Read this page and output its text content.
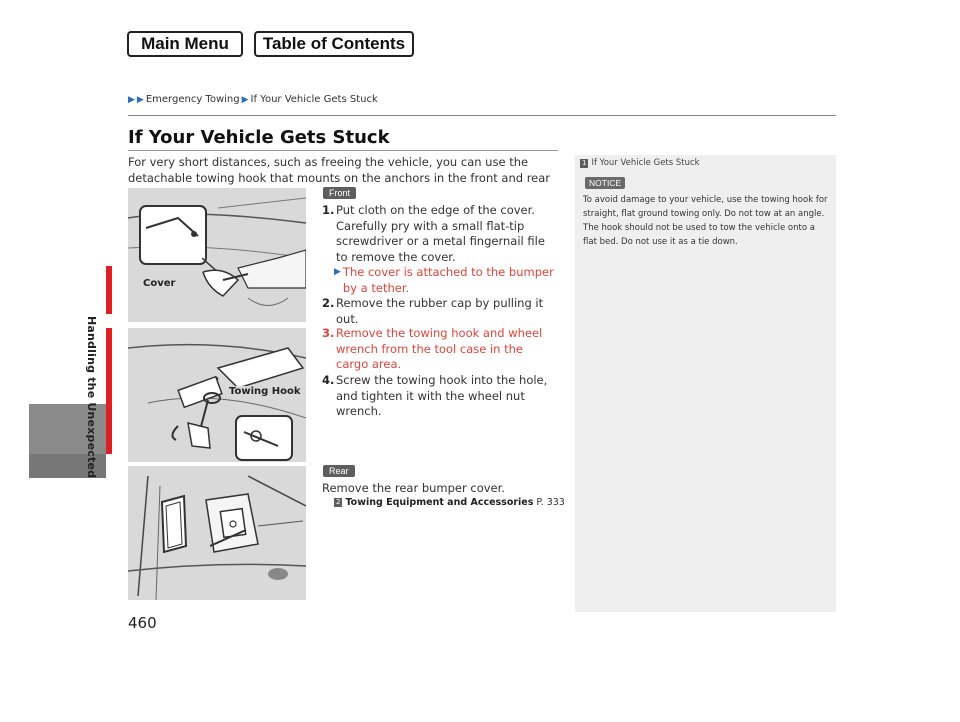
Main Menu	Table of Contents
▶ ▶ Emergency Towing ▶ If Your Vehicle Gets Stuck
Handling the Unexpected
If Your Vehicle Gets Stuck
For very short distances, such as freeing the vehicle, you can use the detachable towing hook that mounts on the anchors in the front and rear
Cover
Front
1. Put cloth on the edge of the cover. Carefully pry with a small flat-tip screwdriver or a metal fingernail file to remove the cover.
▶ The cover is attached to the bumper by a tether.
2. Remove the rubber cap by pulling it out.
Towing Hook
3. Remove the towing hook and wheel wrench from the tool case in the cargo area.
4. Screw the towing hook into the hole, and tighten it with the wheel nut wrench.
Rear
Remove the rear bumper cover.
2 Towing Equipment and Accessories P. 333
1 If Your Vehicle Gets Stuck
NOTICE
To avoid damage to your vehicle, use the towing hook for straight, flat ground towing only. Do not tow at an angle. The hook should not be used to tow the vehicle onto a flat bed. Do not use it as a tie down.
460
